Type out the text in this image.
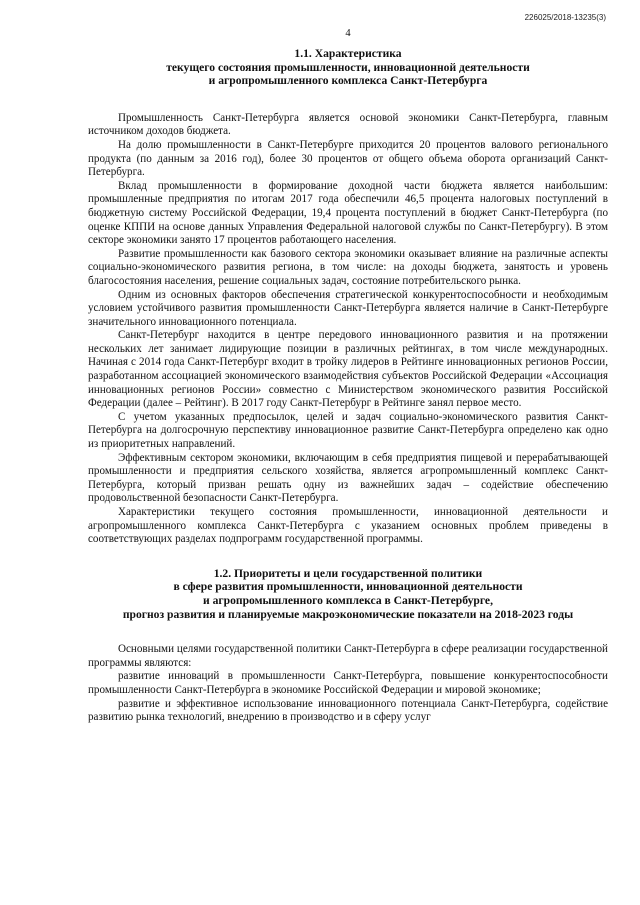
226025/2018-13235(3)
4
1.1. Характеристика
текущего состояния промышленности, инновационной деятельности
и агропромышленного комплекса Санкт-Петербурга

Промышленность Санкт-Петербурга является основой экономики Санкт-Петербурга, главным источником доходов бюджета.

На долю промышленности в Санкт-Петербурге приходится 20 процентов валового регионального продукта (по данным за 2016 год), более 30 процентов от общего объема оборота организаций Санкт-Петербурга.

Вклад промышленности в формирование доходной части бюджета является наибольшим: промышленные предприятия по итогам 2017 года обеспечили 46,5 процента налоговых поступлений в бюджетную систему Российской Федерации, 19,4 процента поступлений в бюджет Санкт-Петербурга (по оценке КППИ на основе данных Управления Федеральной налоговой службы по Санкт-Петербургу). В этом секторе экономики занято 17 процентов работающего населения.

Развитие промышленности как базового сектора экономики оказывает влияние на различные аспекты социально-экономического развития региона, в том числе: на доходы бюджета, занятость и уровень благосостояния населения, решение социальных задач, состояние потребительского рынка.

Одним из основных факторов обеспечения стратегической конкурентоспособности и необходимым условием устойчивого развития промышленности Санкт-Петербурга является наличие в Санкт-Петербурге значительного инновационного потенциала.

Санкт-Петербург находится в центре передового инновационного развития и на протяжении нескольких лет занимает лидирующие позиции в различных рейтингах, в том числе международных. Начиная с 2014 года Санкт-Петербург входит в тройку лидеров в Рейтинге инновационных регионов России, разработанном ассоциацией экономического взаимодействия субъектов Российской Федерации «Ассоциация инновационных регионов России» совместно с Министерством экономического развития Российской Федерации (далее – Рейтинг). В 2017 году Санкт-Петербург в Рейтинге занял первое место.

С учетом указанных предпосылок, целей и задач социально-экономического развития Санкт-Петербурга на долгосрочную перспективу инновационное развитие Санкт-Петербурга определено как одно из приоритетных направлений.

Эффективным сектором экономики, включающим в себя предприятия пищевой и перерабатывающей промышленности и предприятия сельского хозяйства, является агропромышленный комплекс Санкт-Петербурга, который призван решать одну из важнейших задач – содействие обеспечению продовольственной безопасности Санкт-Петербурга.

Характеристики текущего состояния промышленности, инновационной деятельности и агропромышленного комплекса Санкт-Петербурга с указанием основных проблем приведены в соответствующих разделах подпрограмм государственной программы.

1.2. Приоритеты и цели государственной политики
в сфере развития промышленности, инновационной деятельности
и агропромышленного комплекса в Санкт-Петербурге,
прогноз развития и планируемые макроэкономические показатели на 2018-2023 годы

Основными целями государственной политики Санкт-Петербурга в сфере реализации государственной программы являются:

развитие инноваций в промышленности Санкт-Петербурга, повышение конкурентоспособности промышленности Санкт-Петербурга в экономике Российской Федерации и мировой экономике;

развитие и эффективное использование инновационного потенциала Санкт-Петербурга, содействие развитию рынка технологий, внедрению в производство и в сферу услуг
